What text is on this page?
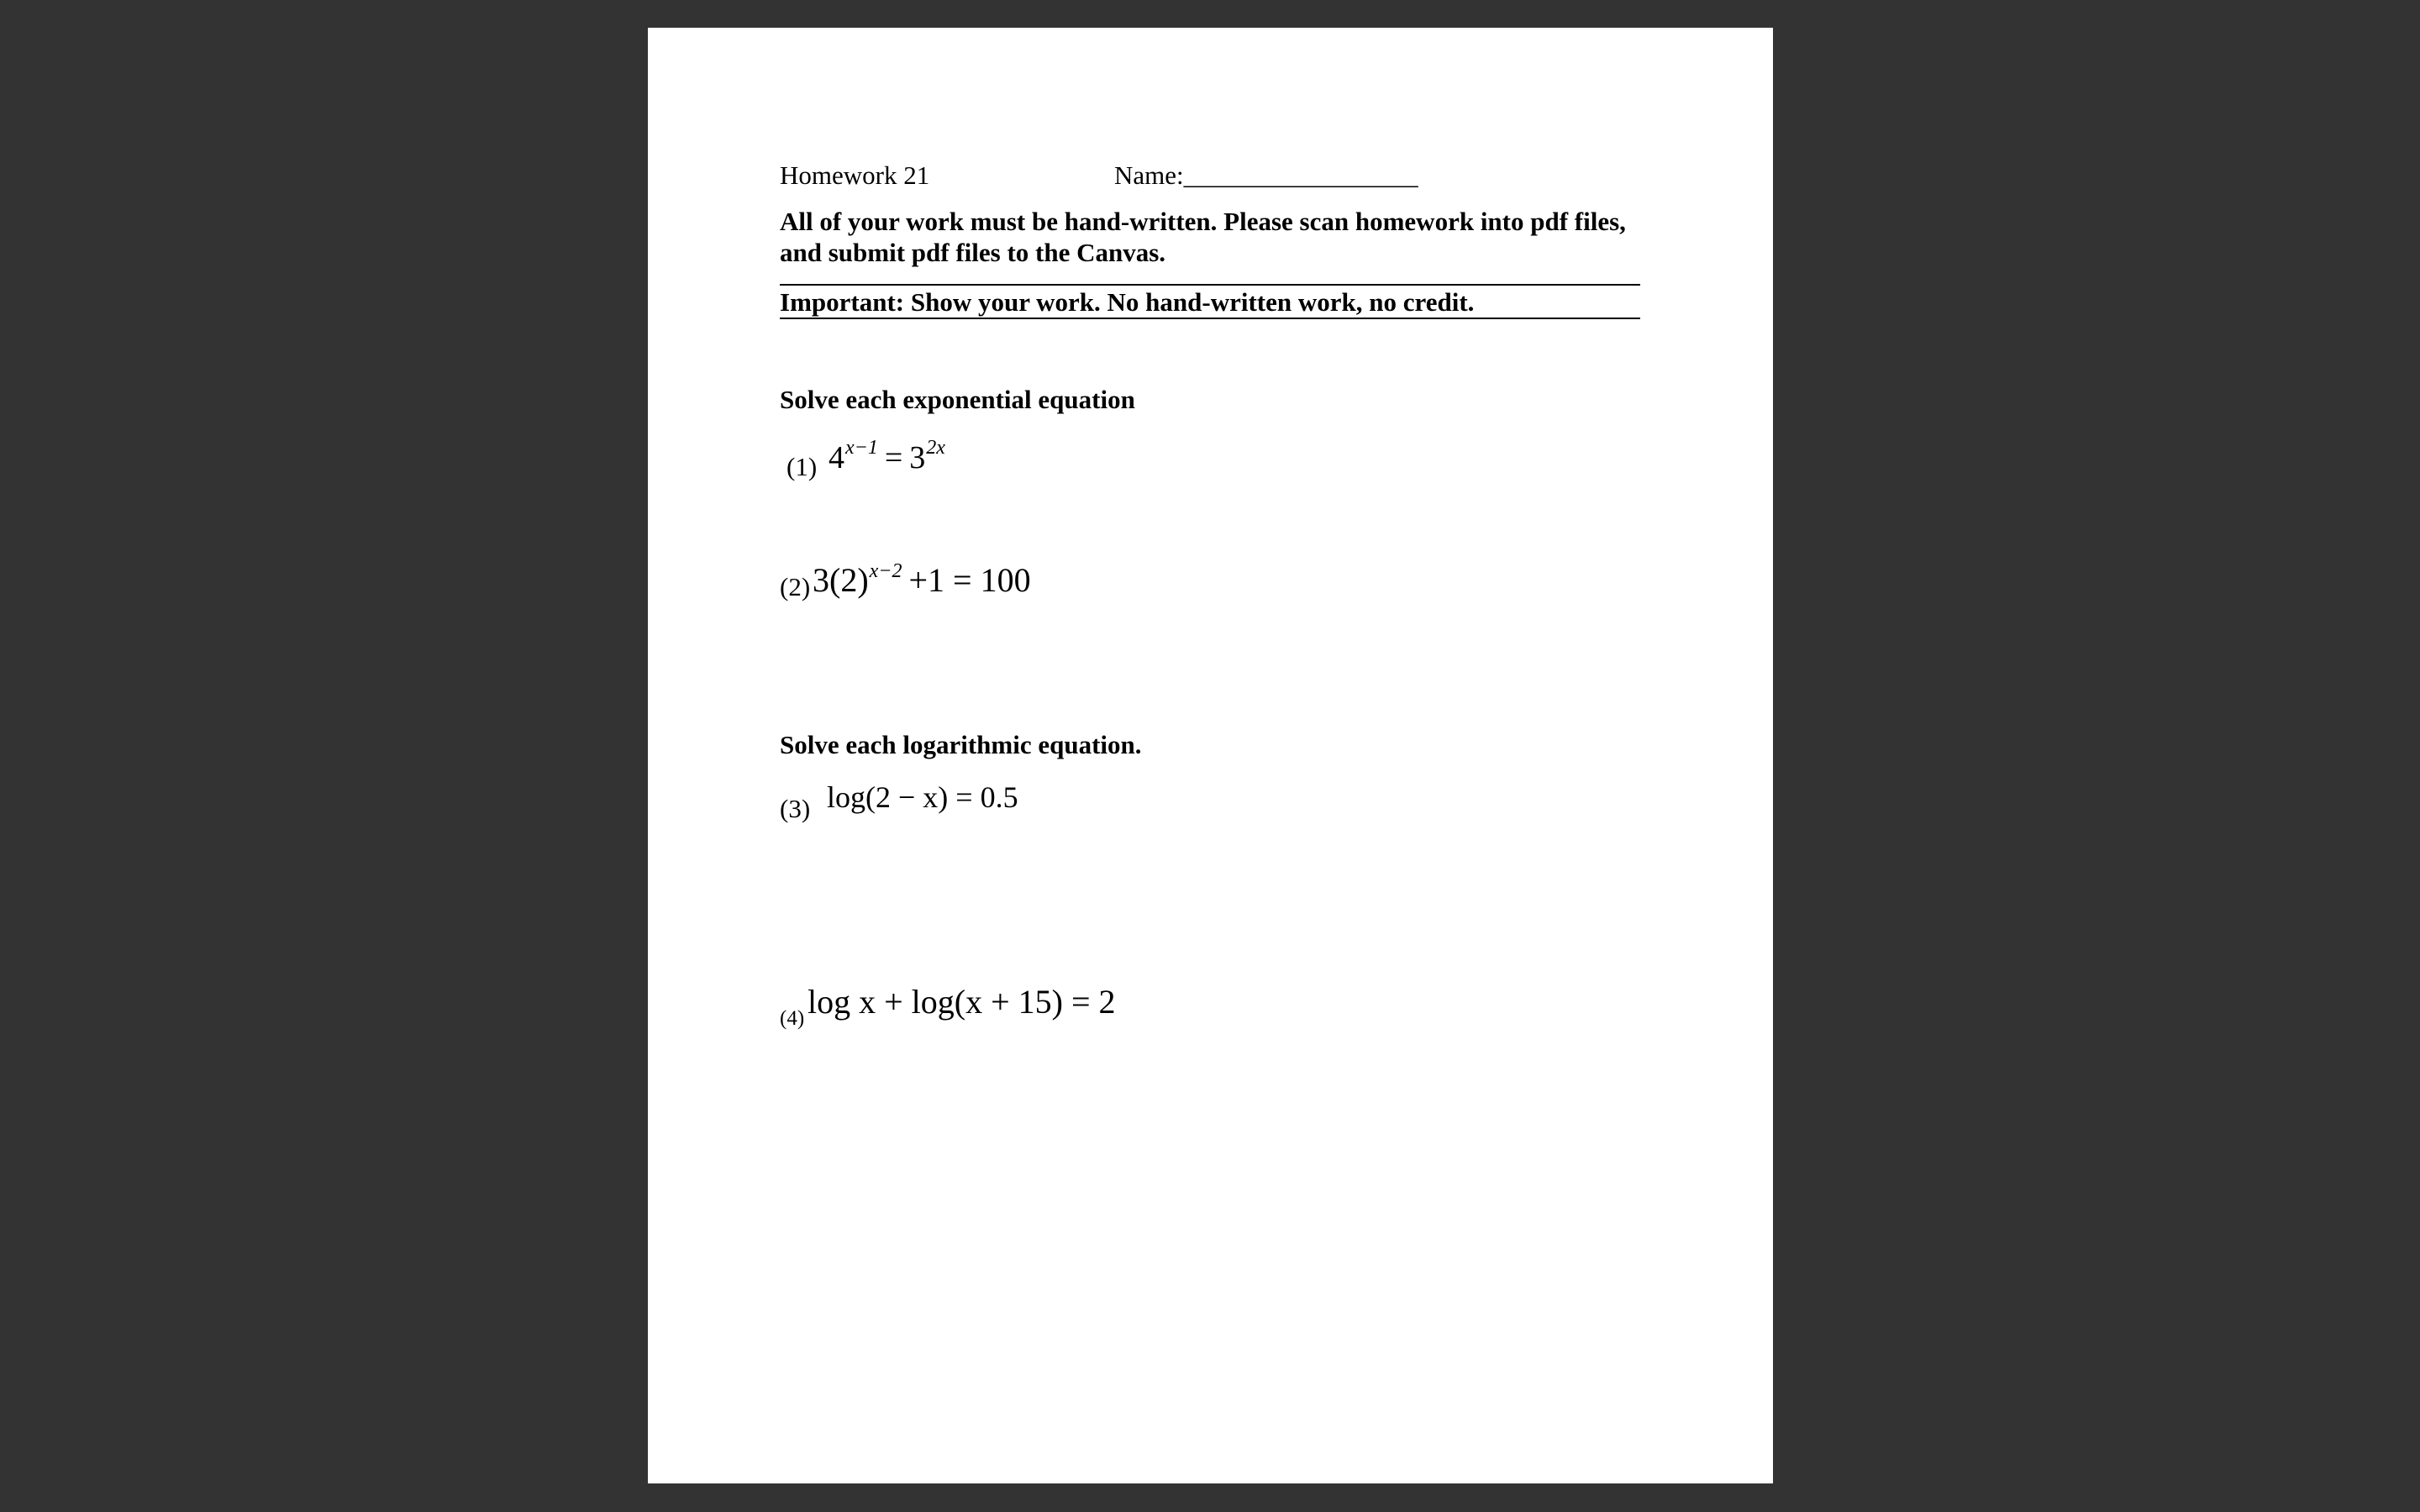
Homework 21	Name:__________________
All of your work must be hand-written. Please scan homework into pdf files,
and submit pdf files to the Canvas.
Important: Show your work. No hand-written work, no credit.
Solve each exponential equation
(1) $4^{x-1} = 3^{2x}$
(2) $3(2)^{x-2} +1 = 100$
Solve each logarithmic equation.
(3) log(2 − x) = 0.5
(4) log x + log(x + 15) = 2
